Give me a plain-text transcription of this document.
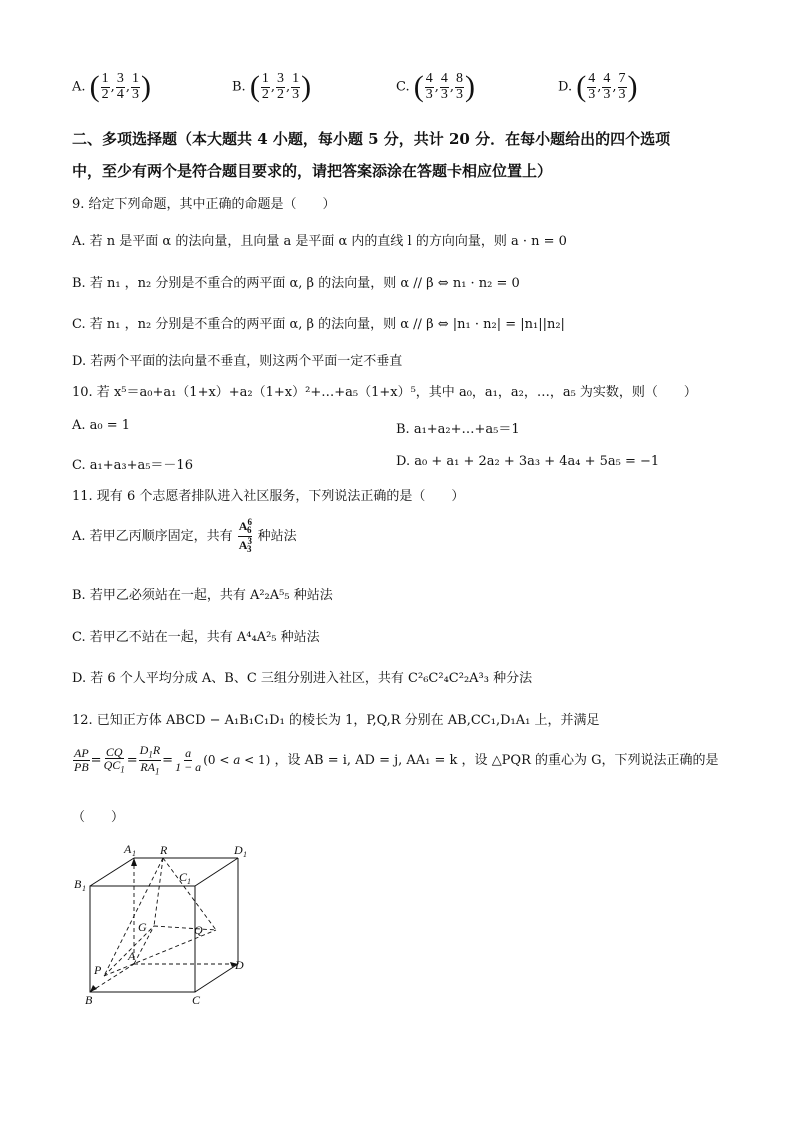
A. ( $\frac{1}{2}$ , $\frac{3}{4}$ , $\frac{1}{3}$ )	B. ( $\frac{1}{2}$ , $\frac{3}{2}$ , $\frac{1}{3}$ )	C. ( $\frac{4}{3}$ , $\frac{4}{3}$ , $\frac{8}{3}$ )	D. ( $\frac{4}{3}$ , $\frac{4}{3}$ , $\frac{7}{3}$ )
二、多项选择题（本大题共 4 小题，每小题 5 分，共计 20 分．在每小题给出的四个选项
中，至少有两个是符合题目要求的，请把答案添涂在答题卡相应位置上）
9. 给定下列命题，其中正确的命题是（　　）
A. 若 n 是平面 α 的法向量，且向量 a 是平面 α 内的直线 l 的方向向量，则 a · n = 0
B. 若 n₁ ，n₂ 分别是不重合的两平面 α, β 的法向量，则 α // β ⇔ n₁ · n₂ = 0
C. 若 n₁ ，n₂ 分别是不重合的两平面 α, β 的法向量，则 α // β ⇔ |n₁ · n₂| = |n₁||n₂|
D. 若两个平面的法向量不垂直，则这两个平面一定不垂直
10. 若 x⁵＝a₀+a₁（1+x）+a₂（1+x）²+…+a₅（1+x）⁵，其中 a₀，a₁，a₂，…，a₅ 为实数，则（　　）
A. a₀ = 1	B. a₁+a₂+…+a₅＝1
C. a₁+a₃+a₅＝－16	D. a₀ + a₁ + 2a₂ + 3a₃ + 4a₄ + 5a₅ = −1
11. 现有 6 个志愿者排队进入社区服务，下列说法正确的是（　　）
A. 若甲乙丙顺序固定，共有 $\frac{A^6_6}{A^3_3}$ 种站法
B. 若甲乙必须站在一起，共有 A²₂A⁵₅ 种站法
C. 若甲乙不站在一起，共有 A⁴₄A²₅ 种站法
D. 若 6 个人平均分成 A、B、C 三组分别进入社区，共有 C²₆C²₄C²₂A³₃ 种分法
12. 已知正方体 ABCD − A₁B₁C₁D₁ 的棱长为 1，P,Q,R 分别在 AB,CC₁,D₁A₁ 上，并满足
$\frac{AP}{PB} = \frac{CQ}{QC_1} = \frac{D_1R}{RA_1} = \frac{a}{1 - a} (0 < a < 1)$ ，设 AB = i, AD = j, AA₁ = k ，设 △PQR 的重心为 G，下列说法正确的是
（　　）
A 1 R	D 1
B 1
C 1
G	Q
D
P
A
B	C
